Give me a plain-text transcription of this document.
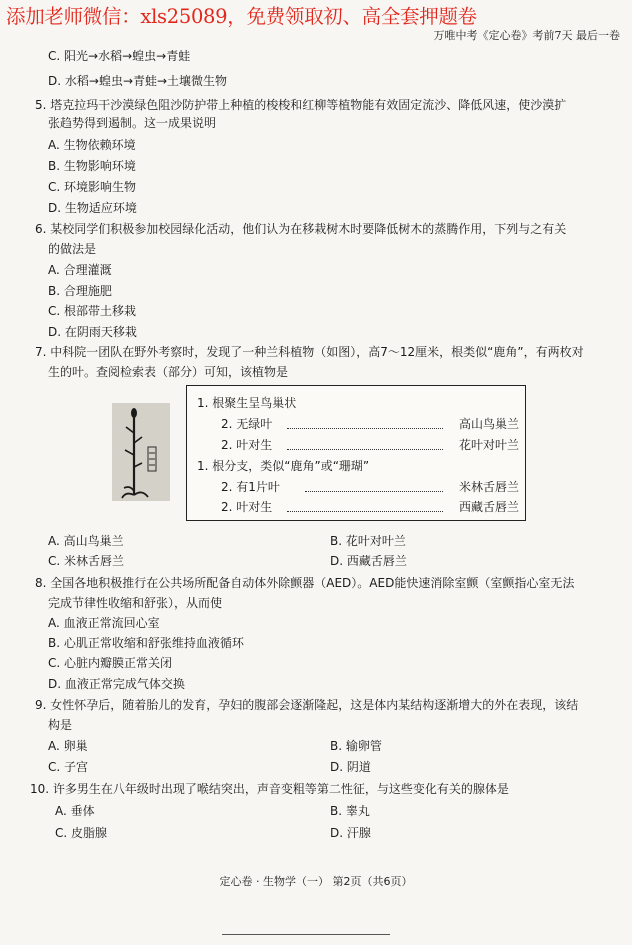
添加老师微信：xls25089，免费领取初、高全套押题卷
万唯中考《定心卷》考前7天 最后一卷
C. 阳光→水稻→蝗虫→青蛙
D. 水稻→蝗虫→青蛙→土壤微生物
5. 塔克拉玛干沙漠绿色阻沙防护带上种植的梭梭和红柳等植物能有效固定流沙、降低风速，使沙漠扩
张趋势得到遏制。这一成果说明
A. 生物依赖环境
B. 生物影响环境
C. 环境影响生物
D. 生物适应环境
6. 某校同学们积极参加校园绿化活动，他们认为在移栽树木时要降低树木的蒸腾作用，下列与之有关
的做法是
A. 合理灌溉
B. 合理施肥
C. 根部带土移栽
D. 在阴雨天移栽
7. 中科院一团队在野外考察时，发现了一种兰科植物（如图），高7～12厘米，根类似“鹿角”，有两枚对
生的叶。查阅检索表（部分）可知，该植物是
1. 根聚生呈鸟巢状
2. 无绿叶	高山鸟巢兰
2. 叶对生	花叶对叶兰
1. 根分支，类似“鹿角”或“珊瑚”
2. 有1片叶	米林舌唇兰
2. 叶对生	西藏舌唇兰
A. 高山鸟巢兰	B. 花叶对叶兰
C. 米林舌唇兰	D. 西藏舌唇兰
8. 全国各地积极推行在公共场所配备自动体外除颤器（AED）。AED能快速消除室颤（室颤指心室无法
完成节律性收缩和舒张），从而使
A. 血液正常流回心室
B. 心肌正常收缩和舒张维持血液循环
C. 心脏内瓣膜正常关闭
D. 血液正常完成气体交换
9. 女性怀孕后，随着胎儿的发育，孕妇的腹部会逐渐隆起，这是体内某结构逐渐增大的外在表现，该结
构是
A. 卵巢	B. 输卵管
C. 子宫	D. 阴道
10. 许多男生在八年级时出现了喉结突出，声音变粗等第二性征，与这些变化有关的腺体是
A. 垂体	B. 睾丸
C. 皮脂腺	D. 汗腺
定心卷 · 生物学（一） 第2页（共6页）
